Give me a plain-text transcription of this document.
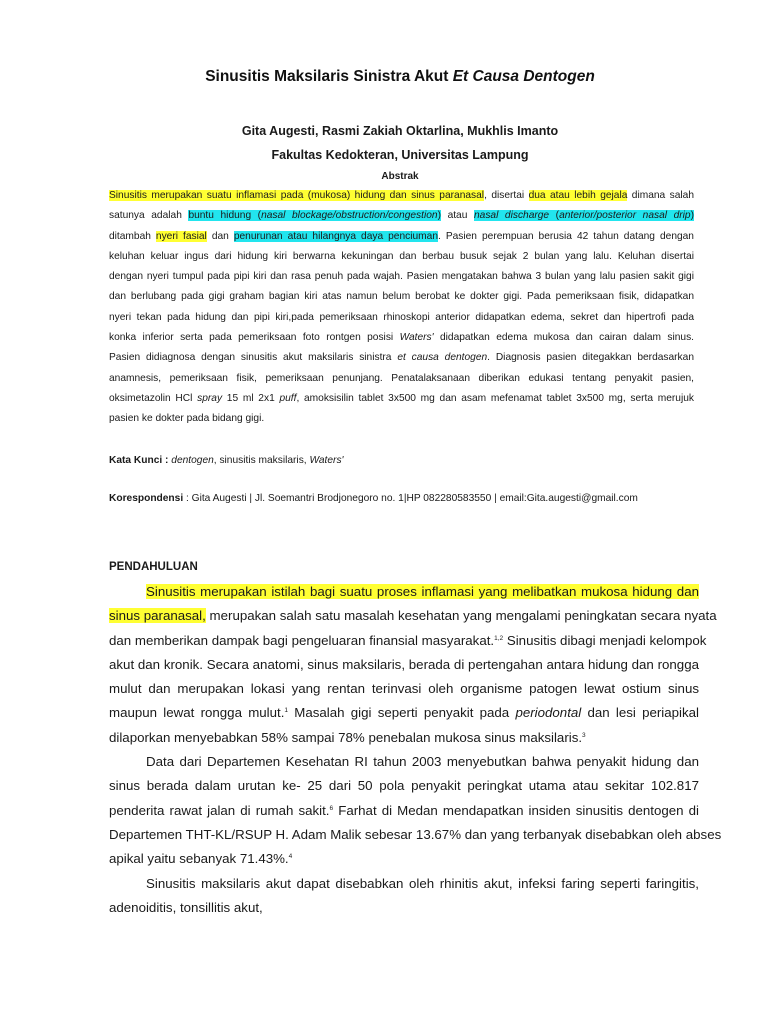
Sinusitis Maksilaris Sinistra Akut Et Causa Dentogen
Gita Augesti, Rasmi Zakiah Oktarlina, Mukhlis Imanto
Fakultas Kedokteran, Universitas Lampung
Abstrak
Sinusitis merupakan suatu inflamasi pada (mukosa) hidung dan sinus paranasal, disertai dua atau lebih gejala dimana salah
satunya adalah buntu hidung (nasal blockage/obstruction/congestion) atau nasal discharge (anterior/posterior nasal drip)
ditambah nyeri fasial dan penurunan atau hilangnya daya penciuman. Pasien perempuan berusia 42 tahun datang dengan
keluhan keluar ingus dari hidung kiri berwarna kekuningan dan berbau busuk sejak 2 bulan yang lalu. Keluhan disertai
dengan nyeri tumpul pada pipi kiri dan rasa penuh pada wajah. Pasien mengatakan bahwa 3 bulan yang lalu pasien sakit gigi
dan berlubang pada gigi graham bagian kiri atas namun belum berobat ke dokter gigi. Pada pemeriksaan fisik, didapatkan
nyeri tekan pada hidung dan pipi kiri,pada pemeriksaan rhinoskopi anterior didapatkan edema, sekret dan hipertrofi pada
konka inferior serta pada pemeriksaan foto rontgen posisi Waters' didapatkan edema mukosa dan cairan dalam sinus.
Pasien didiagnosa dengan sinusitis akut maksilaris sinistra et causa dentogen. Diagnosis pasien ditegakkan berdasarkan
anamnesis, pemeriksaan fisik, pemeriksaan penunjang. Penatalaksanaan diberikan edukasi tentang penyakit pasien,
oksimetazolin HCl spray 15 ml 2x1 puff, amoksisilin tablet 3x500 mg dan asam mefenamat tablet 3x500 mg, serta merujuk
pasien ke dokter pada bidang gigi.
Kata Kunci : dentogen, sinusitis maksilaris, Waters'
Korespondensi : Gita Augesti | Jl. Soemantri Brodjonegoro no. 1|HP 082280583550 | email:Gita.augesti@gmail.com
PENDAHULUAN
Sinusitis merupakan istilah bagi suatu proses inflamasi yang melibatkan mukosa hidung dan
sinus paranasal, merupakan salah satu masalah kesehatan yang mengalami peningkatan secara nyata
dan memberikan dampak bagi pengeluaran finansial masyarakat.$^{1,2}$ Sinusitis dibagi menjadi kelompok
akut dan kronik. Secara anatomi, sinus maksilaris, berada di pertengahan antara hidung dan rongga
mulut dan merupakan lokasi yang rentan terinvasi oleh organisme patogen lewat ostium sinus
maupun lewat rongga mulut.$^1$ Masalah gigi seperti penyakit pada periodontal dan lesi periapikal
dilaporkan menyebabkan 58% sampai 78% penebalan mukosa sinus maksilaris.$^3$
Data dari Departemen Kesehatan RI tahun 2003 menyebutkan bahwa penyakit hidung dan
sinus berada dalam urutan ke- 25 dari 50 pola penyakit peringkat utama atau sekitar 102.817
penderita rawat jalan di rumah sakit.$^6$ Farhat di Medan mendapatkan insiden sinusitis dentogen di
Departemen THT-KL/RSUP H. Adam Malik sebesar 13.67% dan yang terbanyak disebabkan oleh abses
apikal yaitu sebanyak 71.43%.$^4$
Sinusitis maksilaris akut dapat disebabkan oleh rhinitis akut, infeksi faring seperti faringitis,
adenoiditis, tonsillitis akut,
